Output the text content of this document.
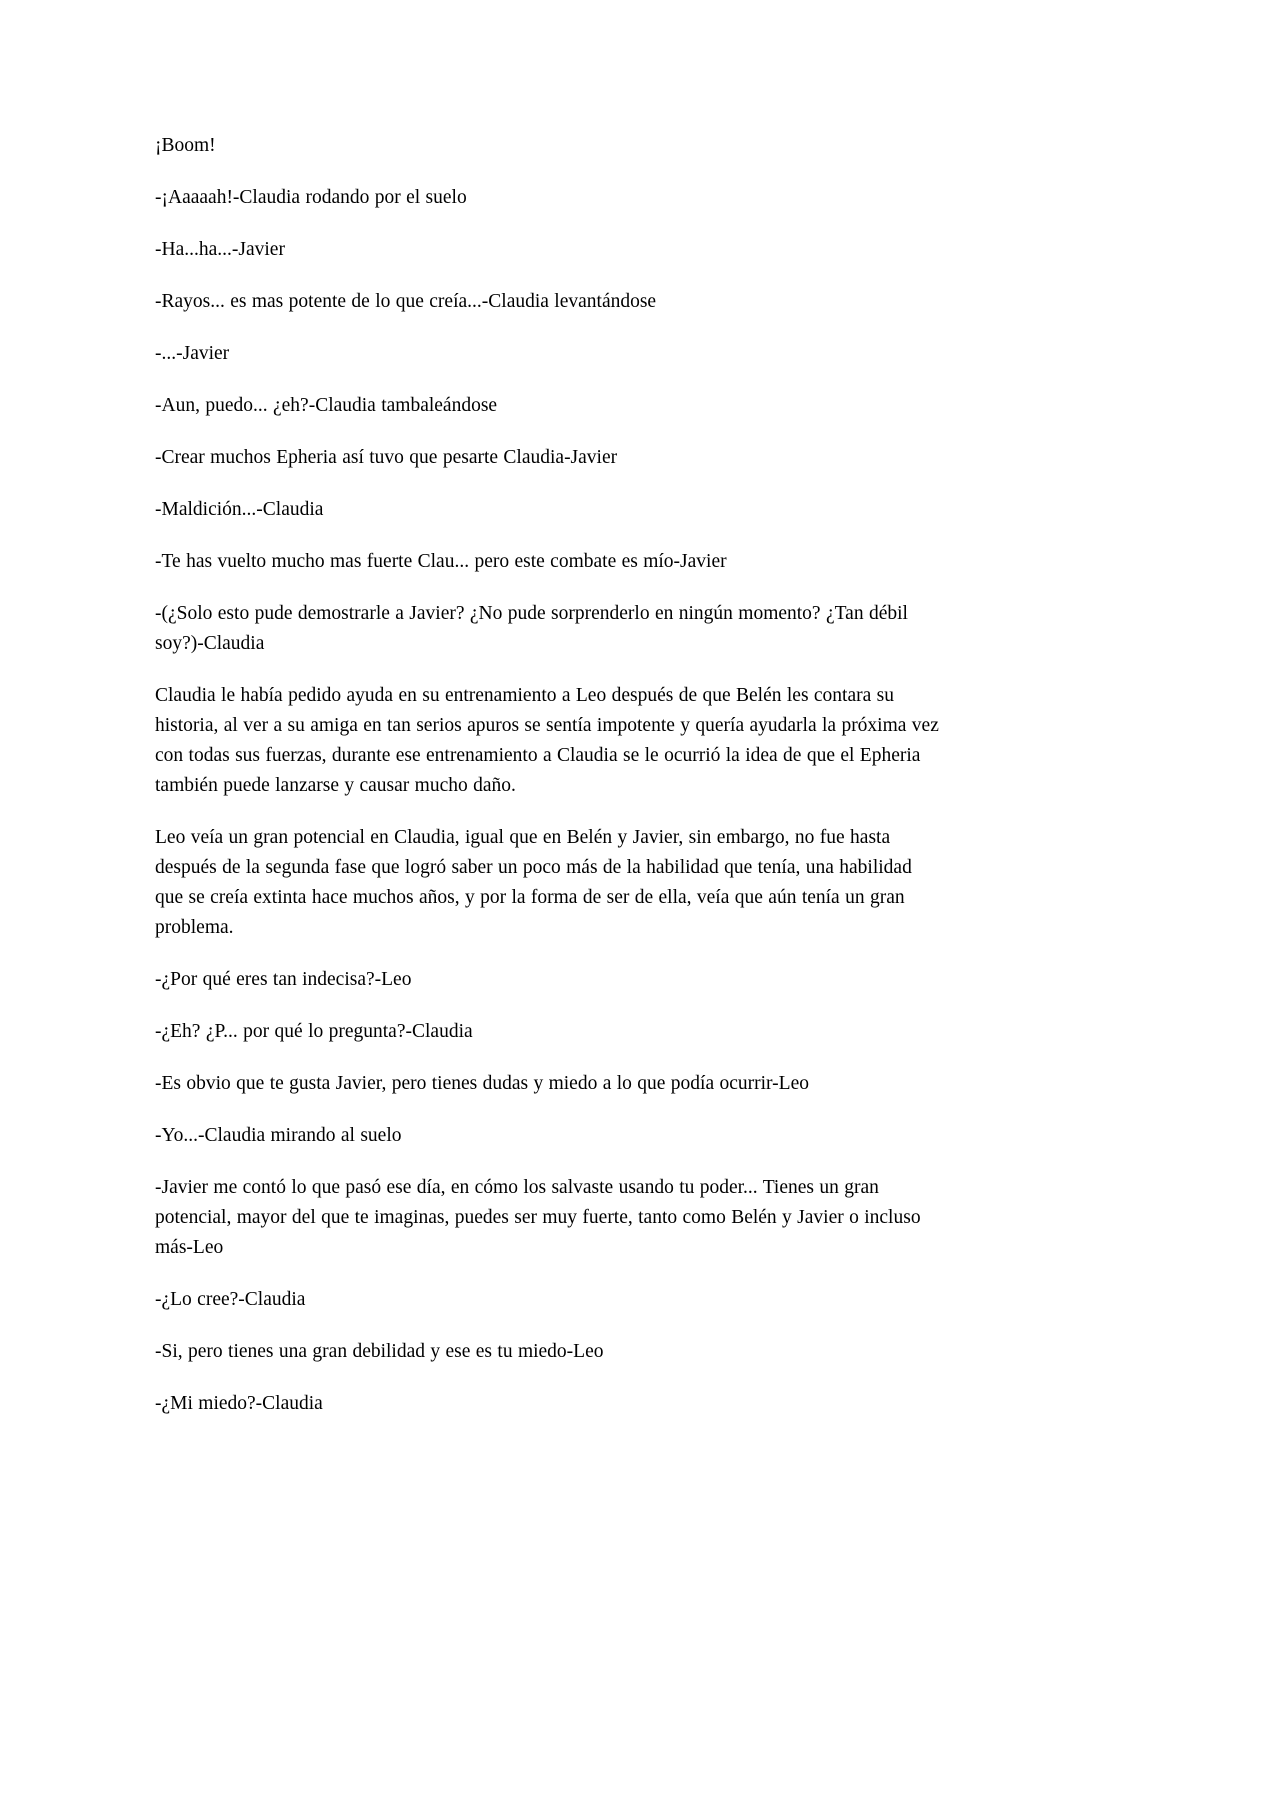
¡Boom!

-¡Aaaaah!-Claudia rodando por el suelo

-Ha...ha...-Javier

-Rayos... es mas potente de lo que creía...-Claudia levantándose

-...-Javier

-Aun, puedo... ¿eh?-Claudia tambaleándose

-Crear muchos Epheria así tuvo que pesarte Claudia-Javier

-Maldición...-Claudia

-Te has vuelto mucho mas fuerte Clau... pero este combate es mío-Javier

-(¿Solo esto pude demostrarle a Javier? ¿No pude sorprenderlo en ningún momento? ¿Tan débil soy?)-Claudia

Claudia le había pedido ayuda en su entrenamiento a Leo después de que Belén les contara su historia, al ver a su amiga en tan serios apuros se sentía impotente y quería ayudarla la próxima vez con todas sus fuerzas, durante ese entrenamiento a Claudia se le ocurrió la idea de que el Epheria también puede lanzarse y causar mucho daño.

Leo veía un gran potencial en Claudia, igual que en Belén y Javier, sin embargo, no fue hasta después de la segunda fase que logró saber un poco más de la habilidad que tenía, una habilidad que se creía extinta hace muchos años, y por la forma de ser de ella, veía que aún tenía un gran problema.

-¿Por qué eres tan indecisa?-Leo

-¿Eh? ¿P... por qué lo pregunta?-Claudia

-Es obvio que te gusta Javier, pero tienes dudas y miedo a lo que podía ocurrir-Leo

-Yo...-Claudia mirando al suelo

-Javier me contó lo que pasó ese día, en cómo los salvaste usando tu poder... Tienes un gran potencial, mayor del que te imaginas, puedes ser muy fuerte, tanto como Belén y Javier o incluso más-Leo

-¿Lo cree?-Claudia

-Si, pero tienes una gran debilidad y ese es tu miedo-Leo

-¿Mi miedo?-Claudia
